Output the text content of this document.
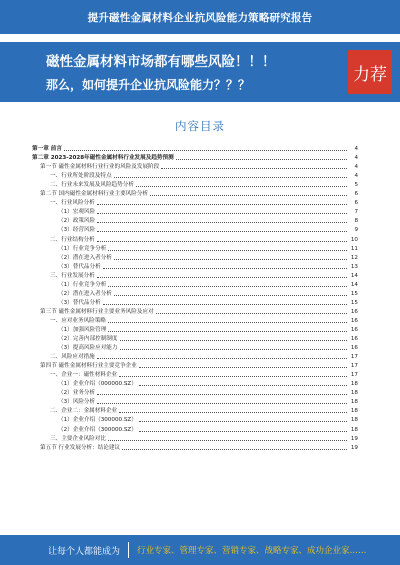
提升磁性金属材料企业抗风险能力策略研究报告
磁性金属材料市场都有哪些风险！！！
那么，如何提升企业抗风险能力？？？
力荐
内容目录
第一章 前言	4
第二章 2023-2028年磁性金属材料行业发展及趋势预测	4
第一节 磁性金属材料行业行业的风险及发展阶段	4
一、行业所处阶段及特点	4
二、行业未来发展及风险趋势分析	5
第二节 国内磁性金属材料行业主要风险分析	6
一、行业风险分析	6
（1）宏观风险	7
（2）政策风险	8
（3）经营风险	9
二、行业结构分析	10
（1）行业竞争分析	11
（2）潜在进入者分析	12
（3）替代品分析	13
三、行业发展分析	14
（1）行业竞争分析	14
（2）潜在进入者分析	15
（3）替代品分析	15
第三节 磁性金属材料行业主要业务风险及应对	16
一、应对业务风险策略	16
（1）加强风险管理	16
（2）完善内部控制制度	16
（3）提高风险应对能力	16
二、风险应对措施	17
第四节 磁性金属材料行业主要竞争企业	17
一、企业一：磁性材料企业	17
（1）企业介绍（000000.SZ）	18
（2）业务分析	18
（3）风险分析	18
二、企业二：金属材料企业	18
（1）企业介绍（300000.SZ）	18
（2）企业介绍（300000.SZ）	18
三、主要企业风险对比	19
第五节 行业发展分析：结论建议	19
让每个人都能成为 行业专家、管理专家、营销专家、战略专家、成功企业家……
